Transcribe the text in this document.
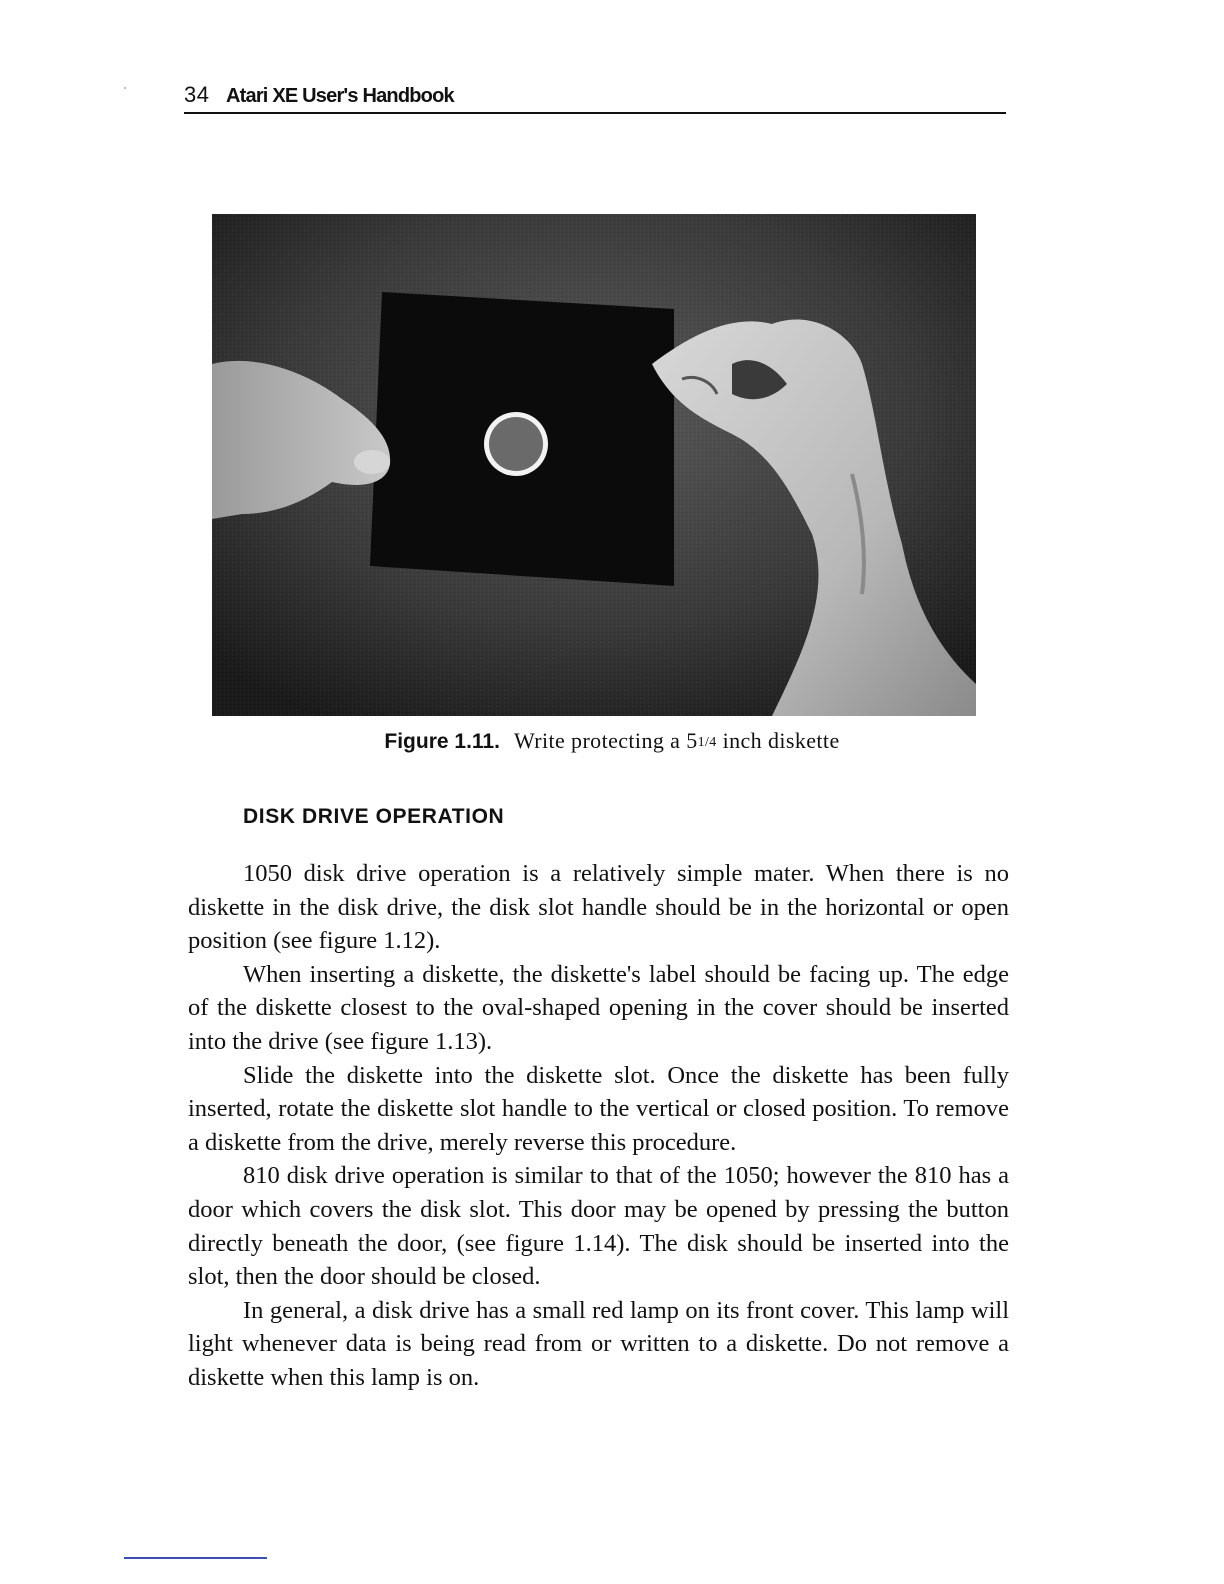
34 Atari XE User's Handbook
Figure 1.11. Write protecting a 51/4 inch diskette
DISK DRIVE OPERATION

1050 disk drive operation is a relatively simple mater. When there is no diskette in the disk drive, the disk slot handle should be in the horizontal or open position (see figure 1.12).

When inserting a diskette, the diskette's label should be facing up. The edge of the diskette closest to the oval-shaped opening in the cover should be inserted into the drive (see figure 1.13).

Slide the diskette into the diskette slot. Once the diskette has been fully inserted, rotate the diskette slot handle to the vertical or closed position. To remove a diskette from the drive, merely reverse this procedure.

810 disk drive operation is similar to that of the 1050; however the 810 has a door which covers the disk slot. This door may be opened by pressing the button directly beneath the door, (see figure 1.14). The disk should be inserted into the slot, then the door should be closed.

In general, a disk drive has a small red lamp on its front cover. This lamp will light whenever data is being read from or written to a diskette. Do not remove a diskette when this lamp is on.
